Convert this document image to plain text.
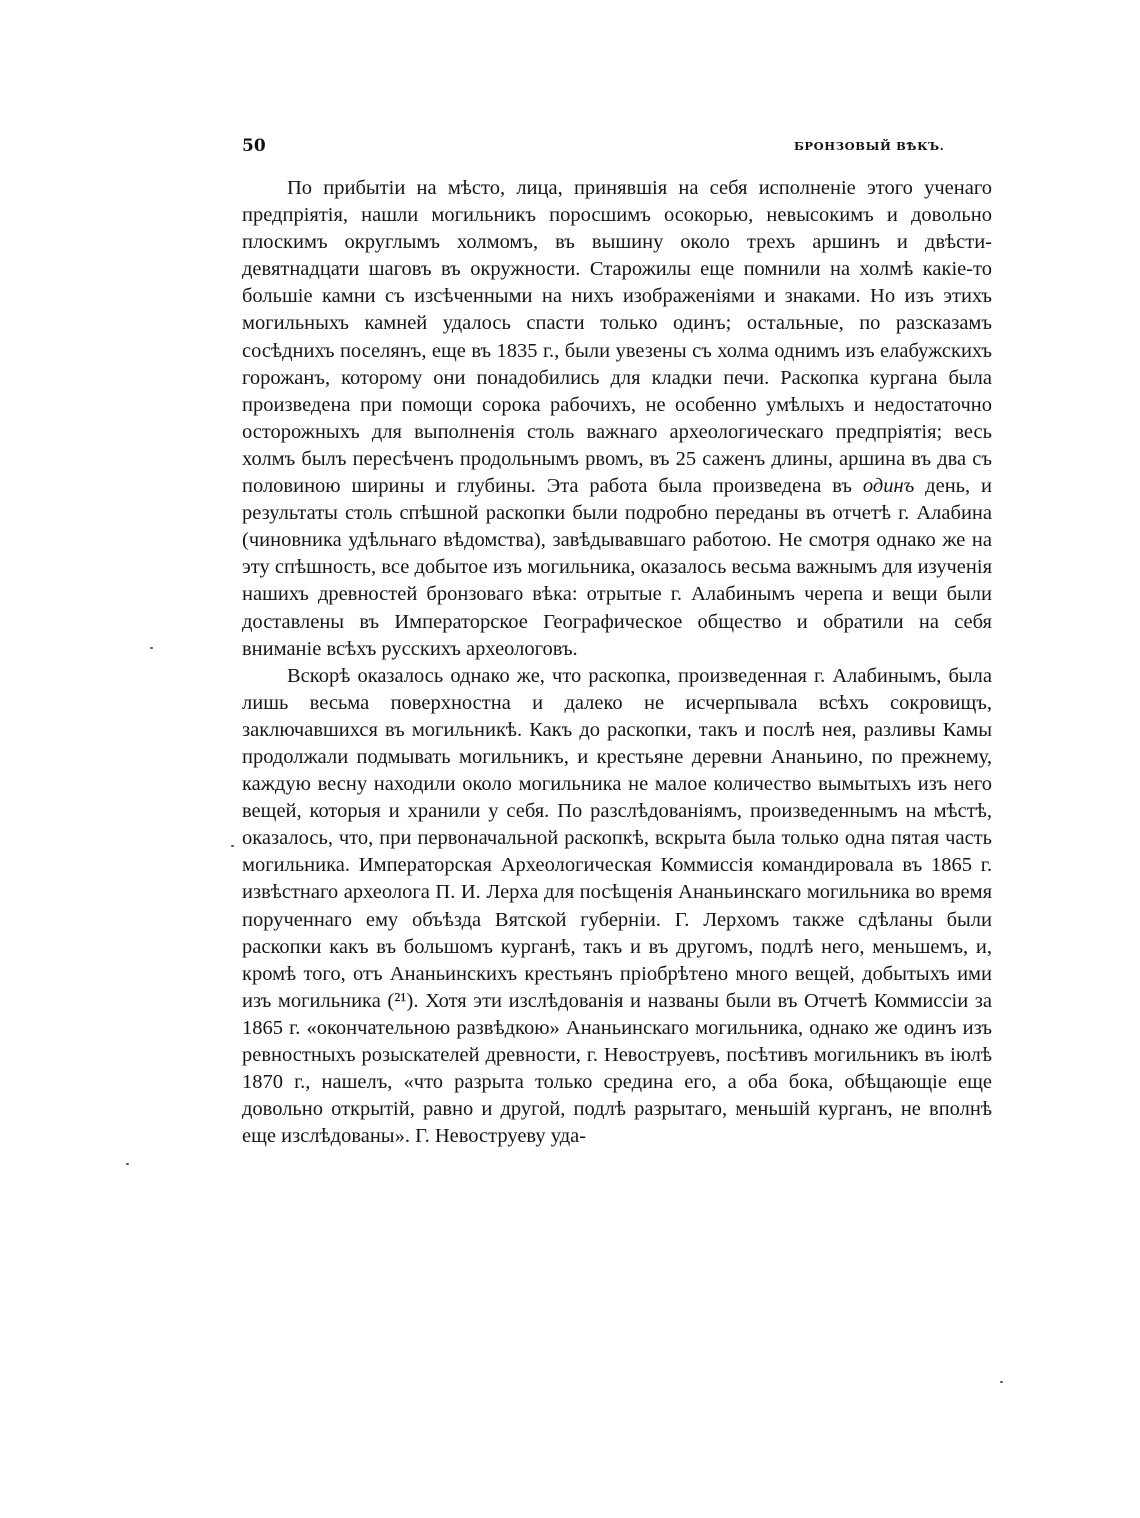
50	БРОНЗОВЫЙ ВѢКЪ.

По прибытіи на мѣсто, лица, принявшія на себя исполненіе этого ученаго предпріятія, нашли могильникъ поросшимъ осокорью, невысокимъ и довольно плоскимъ округлымъ холмомъ, въ вышину около трехъ аршинъ и двѣсти-девятнадцати шаговъ въ окружности. Старожилы еще помнили на холмѣ какіе-то большіе камни съ изсѣченными на нихъ изображеніями и знаками. Но изъ этихъ могильныхъ камней удалось спасти только одинъ; остальные, по разсказамъ сосѣднихъ поселянъ, еще въ 1835 г., были увезены съ холма однимъ изъ елабужскихъ горожанъ, которому они понадобились для кладки печи. Раскопка кургана была произведена при помощи сорока рабочихъ, не особенно умѣлыхъ и недостаточно осторожныхъ для выполненія столь важнаго археологическаго предпріятія; весь холмъ былъ пересѣченъ продольнымъ рвомъ, въ 25 саженъ длины, аршина въ два съ половиною ширины и глубины. Эта работа была произведена въ одинъ день, и результаты столь спѣшной раскопки были подробно переданы въ отчетѣ г. Алабина (чиновника удѣльнаго вѣдомства), завѣдывавшаго работою. Не смотря однако же на эту спѣшность, все добытое изъ могильника, оказалось весьма важнымъ для изученія нашихъ древностей бронзоваго вѣка: отрытые г. Алабинымъ черепа и вещи были доставлены въ Императорское Географическое общество и обратили на себя вниманіе всѣхъ русскихъ археологовъ.

Вскорѣ оказалось однако же, что раскопка, произведенная г. Алабинымъ, была лишь весьма поверхностна и далеко не исчерпывала всѣхъ сокровищъ, заключавшихся въ могильникѣ. Какъ до раскопки, такъ и послѣ нея, разливы Камы продолжали подмывать могильникъ, и крестьяне деревни Ананьино, по прежнему, каждую весну находили около могильника не малое количество вымытыхъ изъ него вещей, которыя и хранили у себя. По разслѣдованіямъ, произведеннымъ на мѣстѣ, оказалось, что, при первоначальной раскопкѣ, вскрыта была только одна пятая часть могильника. Императорская Археологическая Коммиссія командировала въ 1865 г. извѣстнаго археолога П. И. Лерха для посѣщенія Ананьинскаго могильника во время порученнаго ему объѣзда Вятской губерніи. Г. Лерхомъ также сдѣланы были раскопки какъ въ большомъ курганѣ, такъ и въ другомъ, подлѣ него, меньшемъ, и, кромѣ того, отъ Ананьинскихъ крестьянъ пріобрѣтено много вещей, добытыхъ ими изъ могильника (²¹). Хотя эти изслѣдованія и названы были въ Отчетѣ Коммиссіи за 1865 г. «окончательною развѣдкою» Ананьинскаго могильника, однако же одинъ изъ ревностныхъ розыскателей древности, г. Невоструевъ, посѣтивъ могильникъ въ іюлѣ 1870 г., нашелъ, «что разрыта только средина его, а оба бока, обѣщающіе еще довольно открытій, равно и другой, подлѣ разрытаго, меньшій курганъ, не вполнѣ еще изслѣдованы». Г. Невоструеву уда-
